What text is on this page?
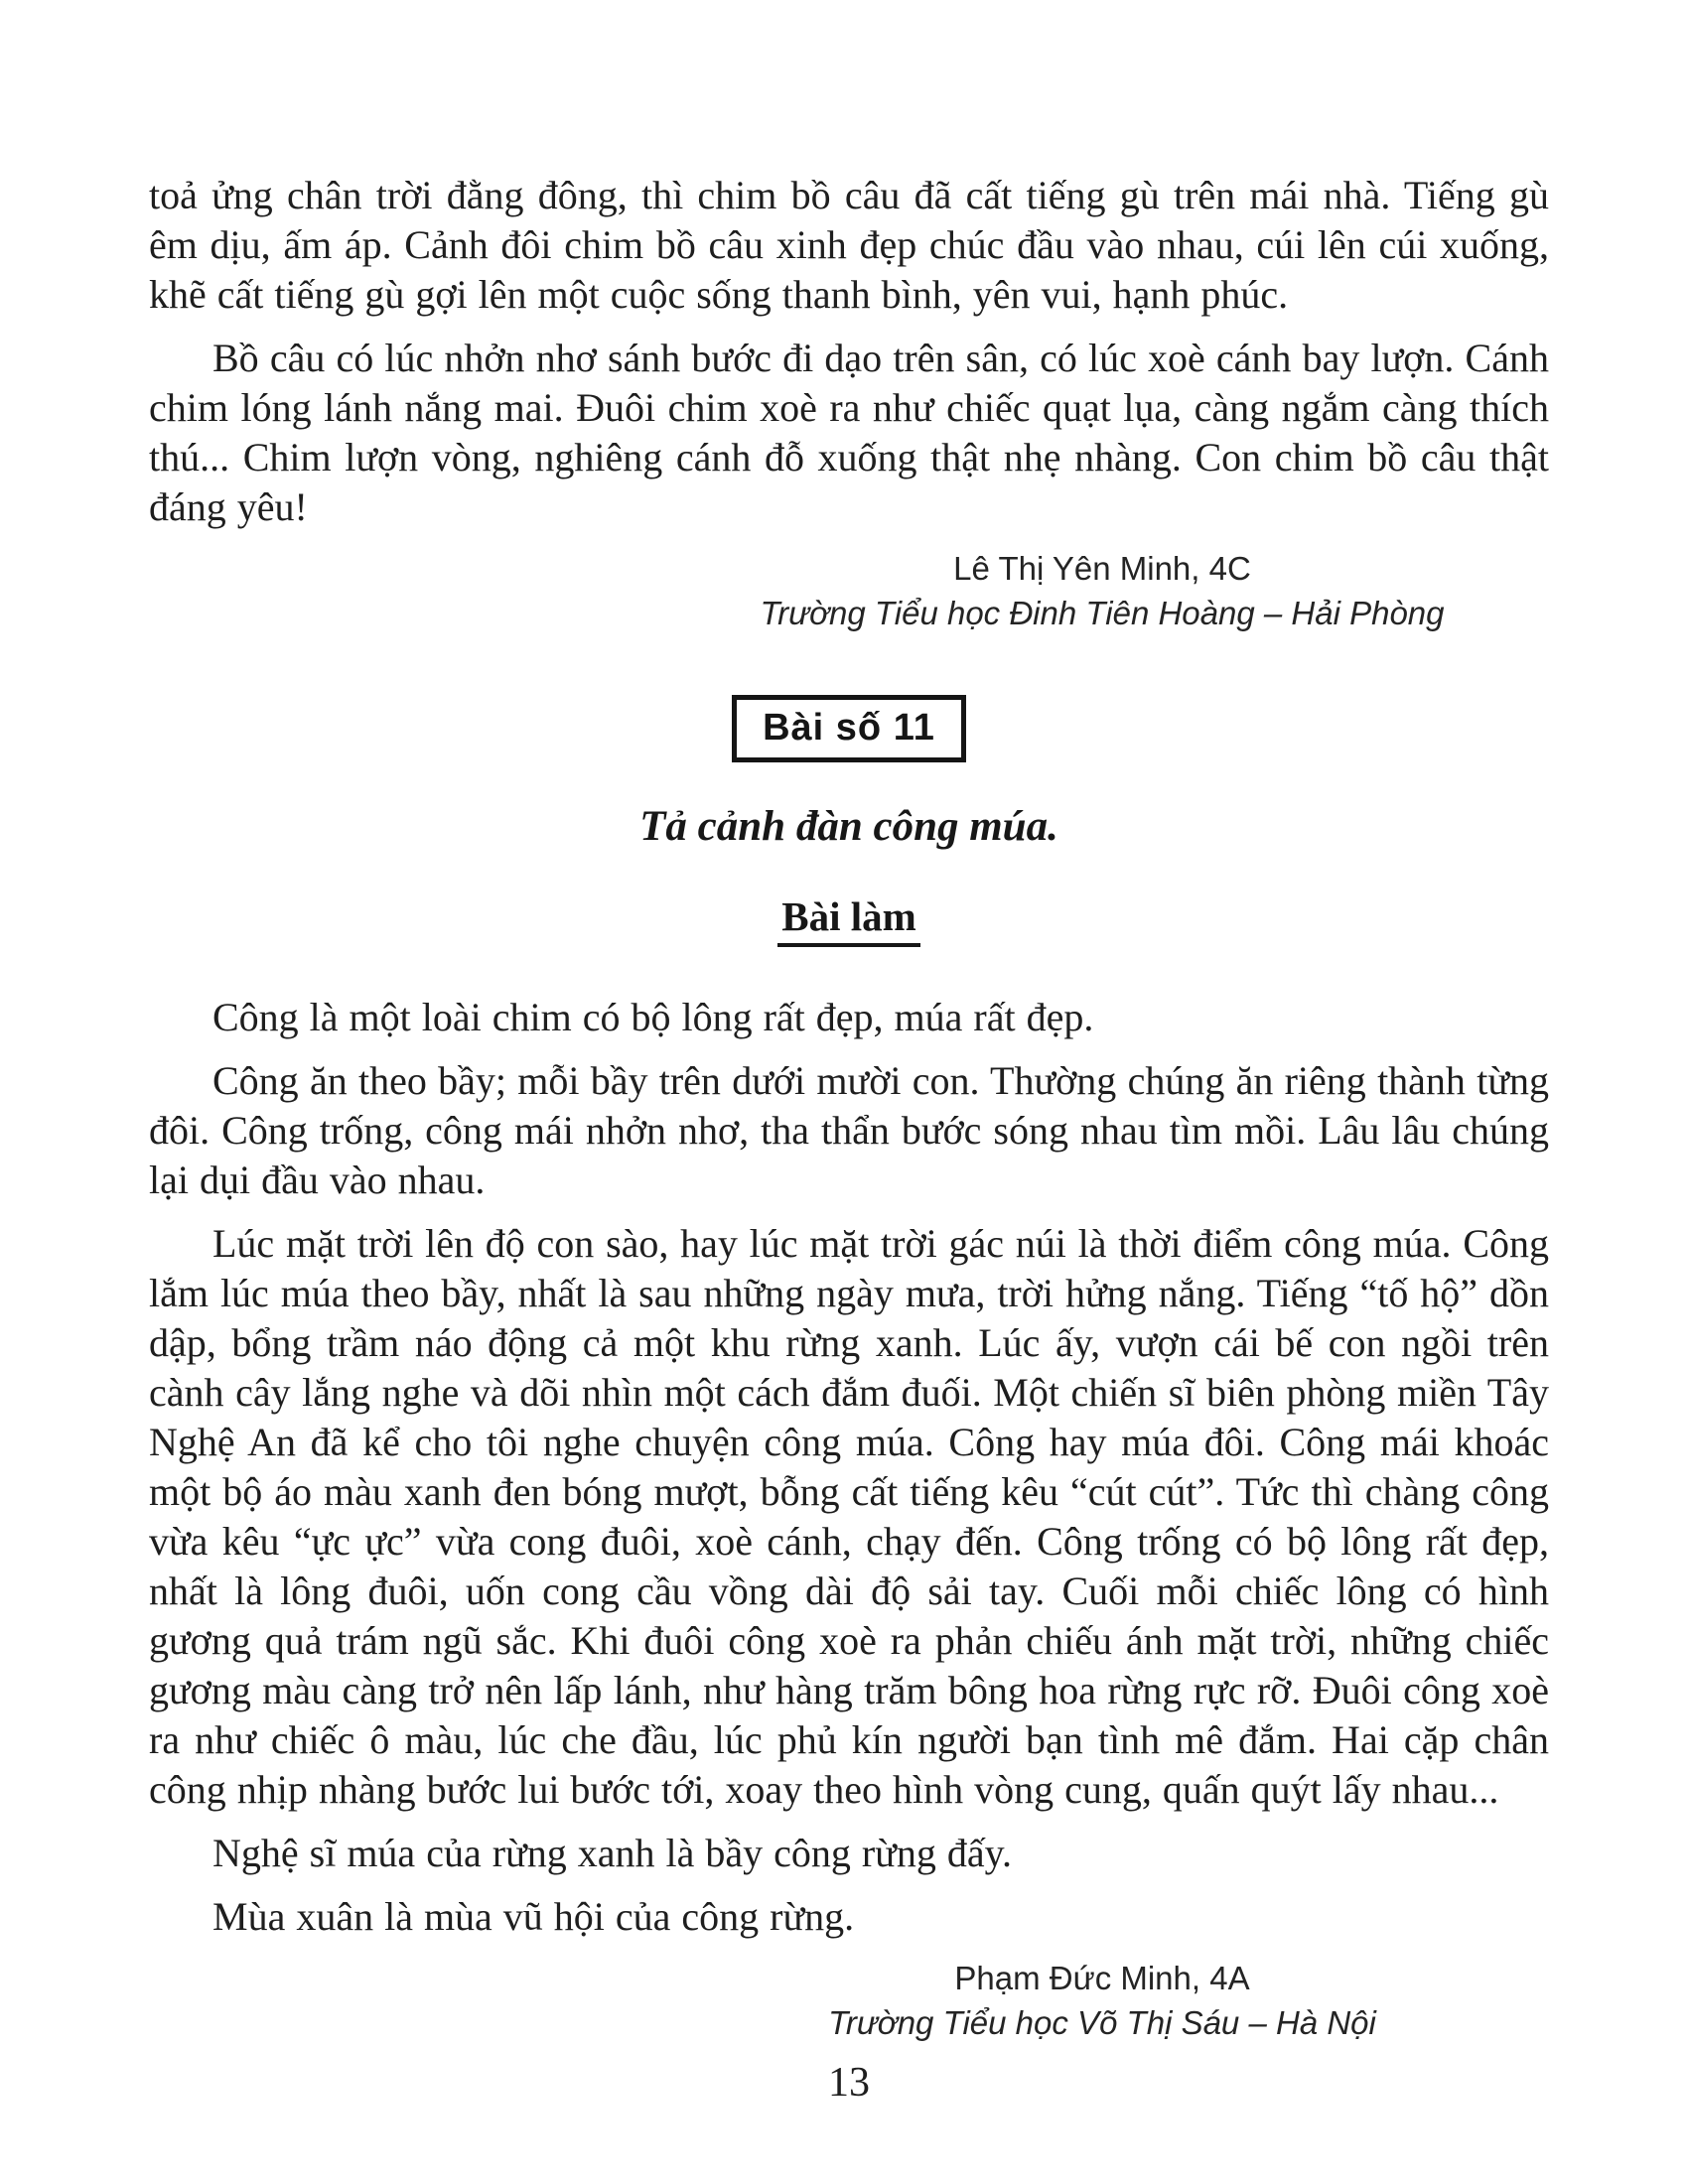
toả ửng chân trời đằng đông, thì chim bồ câu đã cất tiếng gù trên mái nhà. Tiếng gù êm dịu, ấm áp. Cảnh đôi chim bồ câu xinh đẹp chúc đầu vào nhau, cúi lên cúi xuống, khẽ cất tiếng gù gợi lên một cuộc sống thanh bình, yên vui, hạnh phúc.

Bồ câu có lúc nhởn nhơ sánh bước đi dạo trên sân, có lúc xoè cánh bay lượn. Cánh chim lóng lánh nắng mai. Đuôi chim xoè ra như chiếc quạt lụa, càng ngắm càng thích thú... Chim lượn vòng, nghiêng cánh đỗ xuống thật nhẹ nhàng. Con chim bồ câu thật đáng yêu!

Lê Thị Yên Minh, 4C
Trường Tiểu học Đinh Tiên Hoàng – Hải Phòng
Bài số 11
Tả cảnh đàn công múa.
Bài làm

Công là một loài chim có bộ lông rất đẹp, múa rất đẹp.

Công ăn theo bầy; mỗi bầy trên dưới mười con. Thường chúng ăn riêng thành từng đôi. Công trống, công mái nhởn nhơ, tha thẩn bước sóng nhau tìm mồi. Lâu lâu chúng lại dụi đầu vào nhau.

Lúc mặt trời lên độ con sào, hay lúc mặt trời gác núi là thời điểm công múa. Công lắm lúc múa theo bầy, nhất là sau những ngày mưa, trời hửng nắng. Tiếng “tố hộ” dồn dập, bổng trầm náo động cả một khu rừng xanh. Lúc ấy, vượn cái bế con ngồi trên cành cây lắng nghe và dõi nhìn một cách đắm đuối. Một chiến sĩ biên phòng miền Tây Nghệ An đã kể cho tôi nghe chuyện công múa. Công hay múa đôi. Công mái khoác một bộ áo màu xanh đen bóng mượt, bỗng cất tiếng kêu “cút cút”. Tức thì chàng công vừa kêu “ực ực” vừa cong đuôi, xoè cánh, chạy đến. Công trống có bộ lông rất đẹp, nhất là lông đuôi, uốn cong cầu vồng dài độ sải tay. Cuối mỗi chiếc lông có hình gương quả trám ngũ sắc. Khi đuôi công xoè ra phản chiếu ánh mặt trời, những chiếc gương màu càng trở nên lấp lánh, như hàng trăm bông hoa rừng rực rỡ. Đuôi công xoè ra như chiếc ô màu, lúc che đầu, lúc phủ kín người bạn tình mê đắm. Hai cặp chân công nhịp nhàng bước lui bước tới, xoay theo hình vòng cung, quấn quýt lấy nhau...

Nghệ sĩ múa của rừng xanh là bầy công rừng đấy.

Mùa xuân là mùa vũ hội của công rừng.

Phạm Đức Minh, 4A
Trường Tiểu học Võ Thị Sáu – Hà Nội
13
